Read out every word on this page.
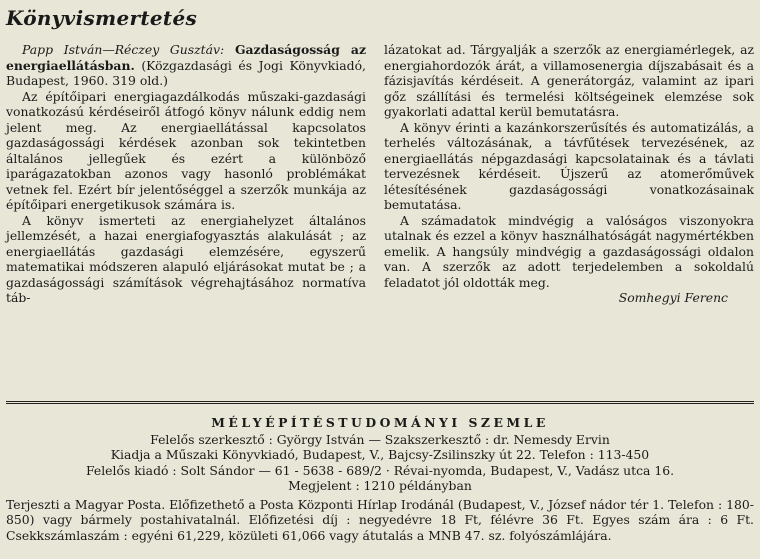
Könyvismertetés

Papp István—Réczey Gusztáv: Gazdaságosság az energiaellátásban. (Közgazdasági és Jogi Könyvkiadó, Budapest, 1960. 319 old.)

Az építőipari energiagazdálkodás műszaki-gazdasági vonatkozású kérdéseiről átfogó könyv nálunk eddig nem jelent meg. Az energiaellátással kapcsolatos gazdaságossági kérdések azonban sok tekintetben általános jellegűek és ezért a különböző iparágazatokban azonos vagy hasonló problémákat vetnek fel. Ezért bír jelentőséggel a szerzők munkája az építőipari energetikusok számára is.

A könyv ismerteti az energiahelyzet általános jellemzését, a hazai energiafogyasztás alakulását ; az energiaellátás gazdasági elemzésére, egyszerű matematikai módszeren alapuló eljárásokat mutat be ; a gazdaságossági számítások végrehajtásához normatíva táb-

lázatokat ad. Tárgyalják a szerzők az energiamérlegek, az energiahordozók árát, a villamosenergia díjszabásait és a fázisjavítás kérdéseit. A generátorgáz, valamint az ipari gőz szállítási és termelési költségeinek elemzése sok gyakorlati adattal kerül bemutatásra.

A könyv érinti a kazánkorszerűsítés és automatizálás, a terhelés változásának, a távfűtések tervezésének, az energiaellátás népgazdasági kapcsolatainak és a távlati tervezésnek kérdéseit. Újszerű az atomerőművek létesítésének gazdaságossági vonatkozásainak bemutatása.

A számadatok mindvégig a valóságos viszonyokra utalnak és ezzel a könyv használhatóságát nagymértékben emelik. A hangsúly mindvégig a gazdaságossági oldalon van. A szerzők az adott terjedelemben a sokoldalú feladatot jól oldották meg.

Somhegyi Ferenc

MÉLYÉPÍTÉSTUDOMÁNYI SZEMLE

Felelős szerkesztő : György István — Szakszerkesztő : dr. Nemesdy Ervin

Kiadja a Műszaki Könyvkiadó, Budapest, V., Bajcsy-Zsilinszky út 22. Telefon : 113-450

Felelős kiadó : Solt Sándor — 61 - 5638 - 689/2 · Révai-nyomda, Budapest, V., Vadász utca 16.

Megjelent : 1210 példányban

Terjeszti a Magyar Posta. Előfizethető a Posta Központi Hírlap Irodánál (Budapest, V., József nádor tér 1. Telefon : 180-850) vagy bármely postahivatalnál. Előfizetési díj : negyedévre 18 Ft, félévre 36 Ft. Egyes szám ára : 6 Ft. Csekkszámlaszám : egyéni 61,229, közületi 61,066 vagy átutalás a MNB 47. sz. folyószámlájára.
